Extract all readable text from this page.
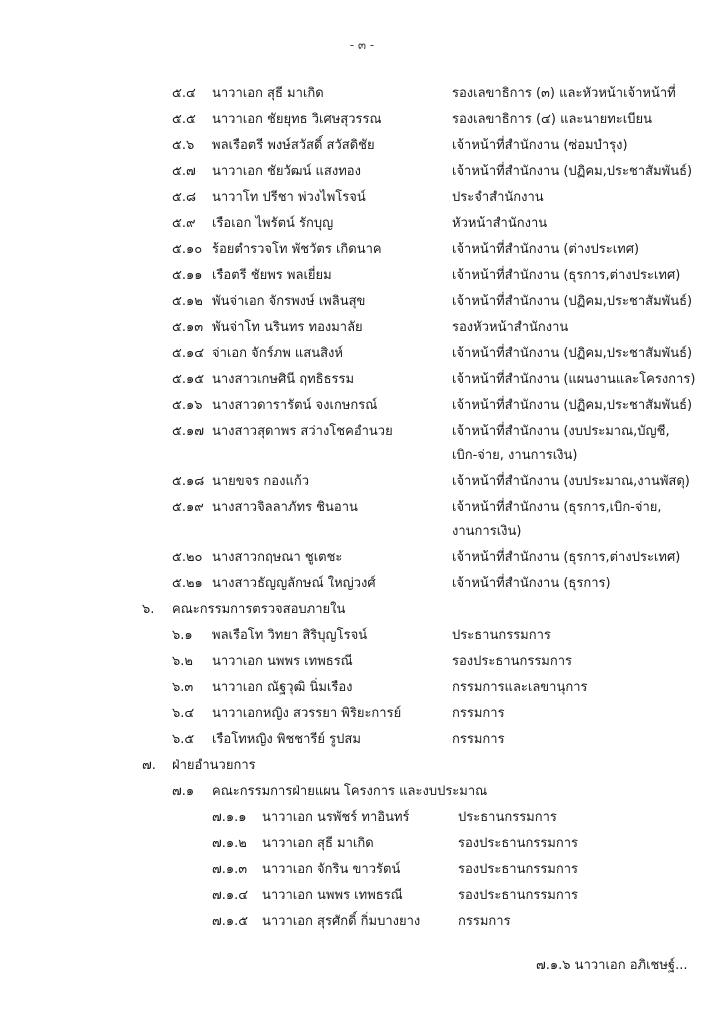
- ๓ -
๕.๔ นาวาเอก สุธี มาเกิด	รองเลขาธิการ (๓) และหัวหน้าเจ้าหน้าที่
๕.๕ นาวาเอก ชัยยุทธ วิเศษสุวรรณ	รองเลขาธิการ (๔) และนายทะเบียน
๕.๖ พลเรือตรี พงษ์สวัสดิ์ สวัสดิชัย	เจ้าหน้าที่สำนักงาน (ซ่อมบำรุง)
๕.๗ นาวาเอก ชัยวัฒน์ แสงทอง	เจ้าหน้าที่สำนักงาน (ปฏิคม,ประชาสัมพันธ์)
๕.๘ นาวาโท ปรีชา พ่วงไพโรจน์	ประจำสำนักงาน
๕.๙ เรือเอก ไพรัตน์ รักบุญ	หัวหน้าสำนักงาน
๕.๑๐ ร้อยตำรวจโท พัชวัตร เกิดนาค	เจ้าหน้าที่สำนักงาน (ต่างประเทศ)
๕.๑๑ เรือตรี ชัยพร พลเยี่ยม	เจ้าหน้าที่สำนักงาน (ธุรการ,ต่างประเทศ)
๕.๑๒ พันจ่าเอก จักรพงษ์ เพลินสุข	เจ้าหน้าที่สำนักงาน (ปฏิคม,ประชาสัมพันธ์)
๕.๑๓ พันจ่าโท นรินทร ทองมาลัย	รองหัวหน้าสำนักงาน
๕.๑๔ จ่าเอก จักร์ภพ แสนสิงห์	เจ้าหน้าที่สำนักงาน (ปฏิคม,ประชาสัมพันธ์)
๕.๑๕ นางสาวเกษศินี ฤทธิธรรม	เจ้าหน้าที่สำนักงาน (แผนงานและโครงการ)
๕.๑๖ นางสาวดารารัตน์ จงเกษกรณ์	เจ้าหน้าที่สำนักงาน (ปฏิคม,ประชาสัมพันธ์)
๕.๑๗ นางสาวสุดาพร สว่างโชคอำนวย	เจ้าหน้าที่สำนักงาน (งบประมาณ,บัญชี,
เบิก-จ่าย, งานการเงิน)
๕.๑๘ นายขจร กองแก้ว	เจ้าหน้าที่สำนักงาน (งบประมาณ,งานพัสดุ)
๕.๑๙ นางสาวจิลลาภัทร ชินอาน	เจ้าหน้าที่สำนักงาน (ธุรการ,เบิก-จ่าย,
งานการเงิน)
๕.๒๐ นางสาวกฤษณา ชูเตชะ	เจ้าหน้าที่สำนักงาน (ธุรการ,ต่างประเทศ)
๕.๒๑ นางสาวธัญญลักษณ์ ใหญ่วงศ์	เจ้าหน้าที่สำนักงาน (ธุรการ)
๖. คณะกรรมการตรวจสอบภายใน
๖.๑ พลเรือโท วิทยา สิริบุญโรจน์	ประธานกรรมการ
๖.๒ นาวาเอก นพพร เทพธรณี	รองประธานกรรมการ
๖.๓ นาวาเอก ณัฐวุฒิ นิ่มเรือง	กรรมการและเลขานุการ
๖.๔ นาวาเอกหญิง สวรรยา พิริยะการย์	กรรมการ
๖.๕ เรือโทหญิง พิชชารีย์ รูปสม	กรรมการ
๗. ฝ่ายอำนวยการ
๗.๑ คณะกรรมการฝ่ายแผน โครงการ และงบประมาณ
๗.๑.๑ นาวาเอก นรพัชร์ ทาอินทร์	ประธานกรรมการ
๗.๑.๒ นาวาเอก สุธี มาเกิด	รองประธานกรรมการ
๗.๑.๓ นาวาเอก จักริน ขาวรัตน์	รองประธานกรรมการ
๗.๑.๔ นาวาเอก นพพร เทพธรณี	รองประธานกรรมการ
๗.๑.๕ นาวาเอก สุรศักดิ์ กิ่มบางยาง	กรรมการ
๗.๑.๖ นาวาเอก อภิเชษฐ์...
